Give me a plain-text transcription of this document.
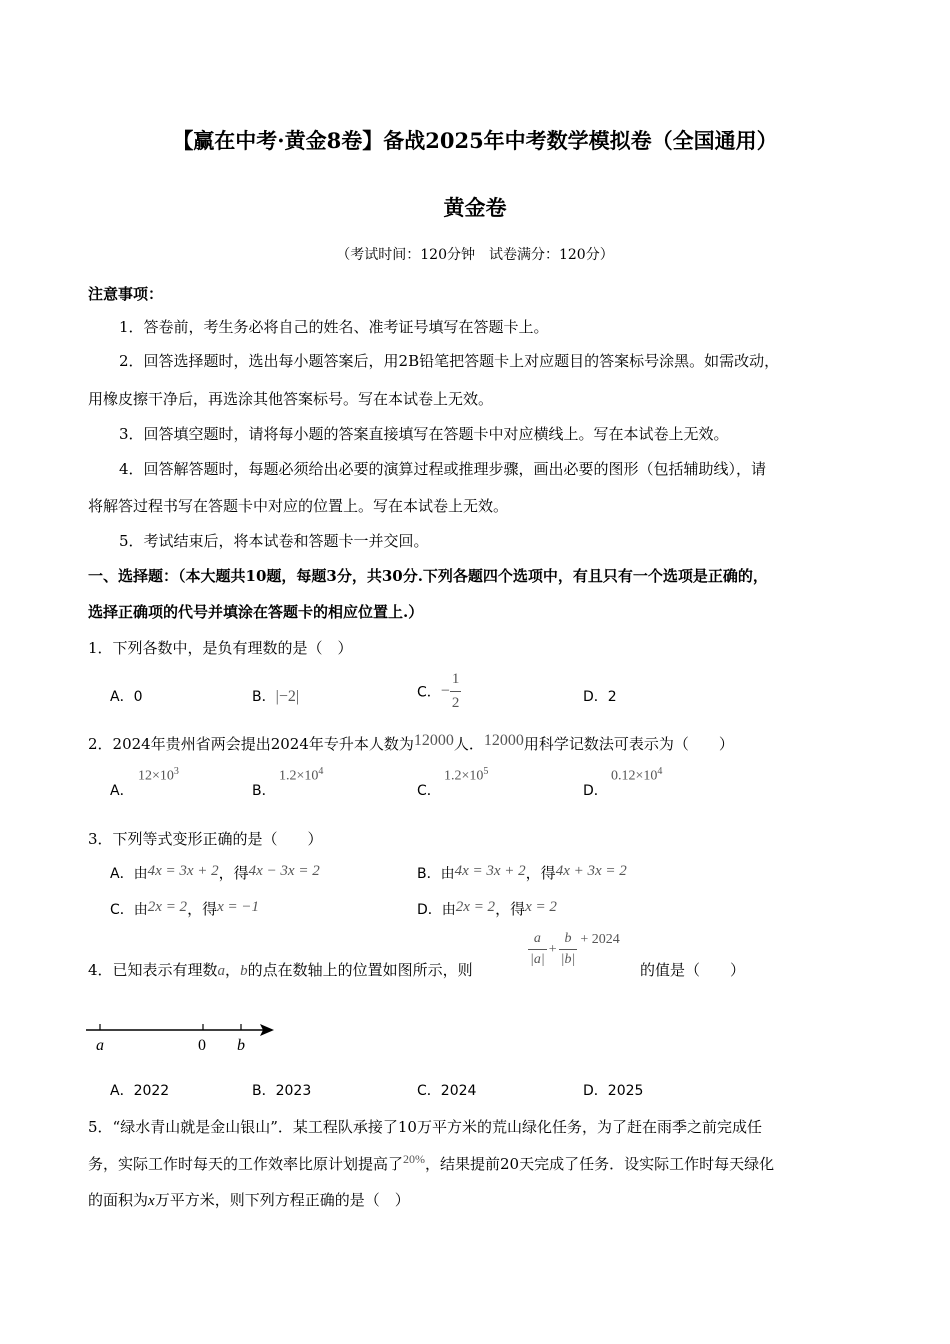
【赢在中考·黄金8卷】备战2025年中考数学模拟卷（全国通用）
黄金卷
（考试时间：120分钟　试卷满分：120分）
注意事项：
1．答卷前，考生务必将自己的姓名、准考证号填写在答题卡上。
2．回答选择题时，选出每小题答案后，用2B铅笔把答题卡上对应题目的答案标号涂黑。如需改动，
用橡皮擦干净后，再选涂其他答案标号。写在本试卷上无效。
3．回答填空题时，请将每小题的答案直接填写在答题卡中对应横线上。写在本试卷上无效。
4．回答解答题时，每题必须给出必要的演算过程或推理步骤，画出必要的图形（包括辅助线），请
将解答过程书写在答题卡中对应的位置上。写在本试卷上无效。
5．考试结束后，将本试卷和答题卡一并交回。
一、选择题：（本大题共10题，每题3分，共30分.下列各题四个选项中，有且只有一个选项是正确的，
选择正确项的代号并填涂在答题卡的相应位置上.）
1．下列各数中，是负有理数的是（　）
A．0	B．|−2|	C．− $\frac{1}{2}$	D．2
2．2024年贵州省两会提出2024年专升本人数为12000人．12000用科学记数法可表示为（　　）
A．
$12\times 10^3$
B．
$1.2\times 10^4$
C．
$1.2\times 10^5$
D．
$0.12\times 10^4$
3．下列等式变形正确的是（　　）
A．由4x = 3x + 2，得4x − 3x = 2	B．由4x = 3x + 2，得4x + 3x = 2
C．由2x = 2，得x = −1	D．由2x = 2，得x = 2
4．已知表示有理数a，b的点在数轴上的位置如图所示，则
$\frac{a}{|a|} + \frac{b}{|b|} + 2024$
的值是（　　）
a	0 b
A．2022	B．2023	C．2024	D．2025
5．“绿水青山就是金山银山”．某工程队承接了10万平方米的荒山绿化任务，为了赶在雨季之前完成任
务，实际工作时每天的工作效率比原计划提高了$^{20\%}$，结果提前20天完成了任务．设实际工作时每天绿化
的面积为x万平方米，则下列方程正确的是（　）
